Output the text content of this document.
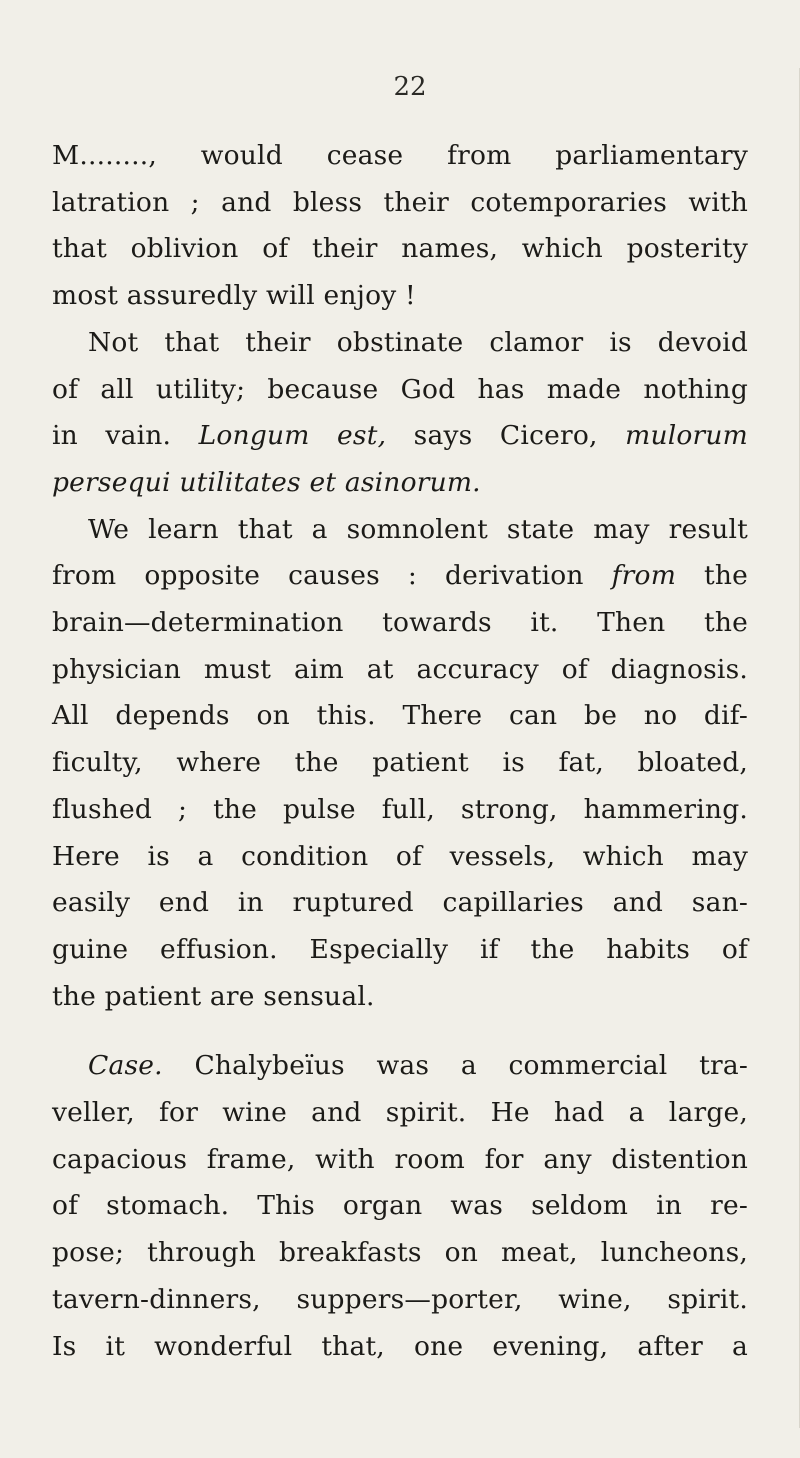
22
M........, would cease from parliamentary
latration ; and bless their cotemporaries with
that oblivion of their names, which posterity
most assuredly will enjoy !
Not that their obstinate clamor is devoid
of all utility; because God has made nothing
in vain. Longum est, says Cicero, mulorum
persequi utilitates et asinorum.
We learn that a somnolent state may result
from opposite causes : derivation from the
brain—determination towards it. Then the
physician must aim at accuracy of diagnosis.
All depends on this. There can be no dif-
ficulty, where the patient is fat, bloated,
flushed ; the pulse full, strong, hammering.
Here is a condition of vessels, which may
easily end in ruptured capillaries and san-
guine effusion. Especially if the habits of
the patient are sensual.
Case. Chalybeïus was a commercial tra-
veller, for wine and spirit. He had a large,
capacious frame, with room for any distention
of stomach. This organ was seldom in re-
pose; through breakfasts on meat, luncheons,
tavern-dinners, suppers—porter, wine, spirit.
Is it wonderful that, one evening, after a
